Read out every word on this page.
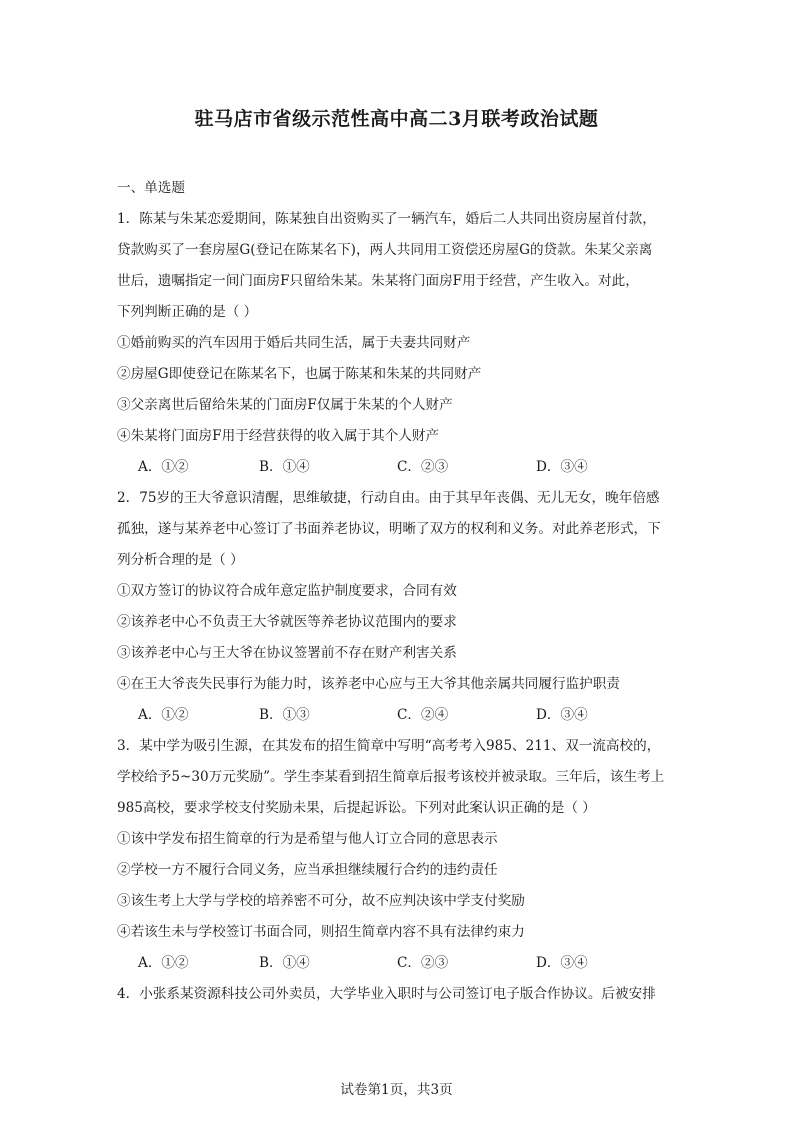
驻马店市省级示范性高中高二3月联考政治试题
一、单选题
1．陈某与朱某恋爱期间，陈某独自出资购买了一辆汽车，婚后二人共同出资房屋首付款，
贷款购买了一套房屋G(登记在陈某名下)，两人共同用工资偿还房屋G的贷款。朱某父亲离
世后，遗嘱指定一间门面房F只留给朱某。朱某将门面房F用于经营，产生收入。对此，
下列判断正确的是（ ）
①婚前购买的汽车因用于婚后共同生活，属于夫妻共同财产
②房屋G即使登记在陈某名下，也属于陈某和朱某的共同财产
③父亲离世后留给朱某的门面房F仅属于朱某的个人财产
④朱某将门面房F用于经营获得的收入属于其个人财产
A．①②	B．①④	C．②③	D．③④
2．75岁的王大爷意识清醒，思维敏捷，行动自由。由于其早年丧偶、无儿无女，晚年倍感
孤独，遂与某养老中心签订了书面养老协议，明晰了双方的权利和义务。对此养老形式，下
列分析合理的是（ ）
①双方签订的协议符合成年意定监护制度要求，合同有效
②该养老中心不负责王大爷就医等养老协议范围内的要求
③该养老中心与王大爷在协议签署前不存在财产利害关系
④在王大爷丧失民事行为能力时，该养老中心应与王大爷其他亲属共同履行监护职责
A．①②	B．①③	C．②④	D．③④
3．某中学为吸引生源，在其发布的招生简章中写明“高考考入985、211、双一流高校的，
学校给予5~30万元奖励”。学生李某看到招生简章后报考该校并被录取。三年后，该生考上
985高校，要求学校支付奖励未果，后提起诉讼。下列对此案认识正确的是（ ）
①该中学发布招生简章的行为是希望与他人订立合同的意思表示
②学校一方不履行合同义务，应当承担继续履行合约的违约责任
③该生考上大学与学校的培养密不可分，故不应判决该中学支付奖励
④若该生未与学校签订书面合同，则招生简章内容不具有法律约束力
A．①②	B．①④	C．②③	D．③④
4．小张系某资源科技公司外卖员，大学毕业入职时与公司签订电子版合作协议。后被安排
试卷第1页，共3页
